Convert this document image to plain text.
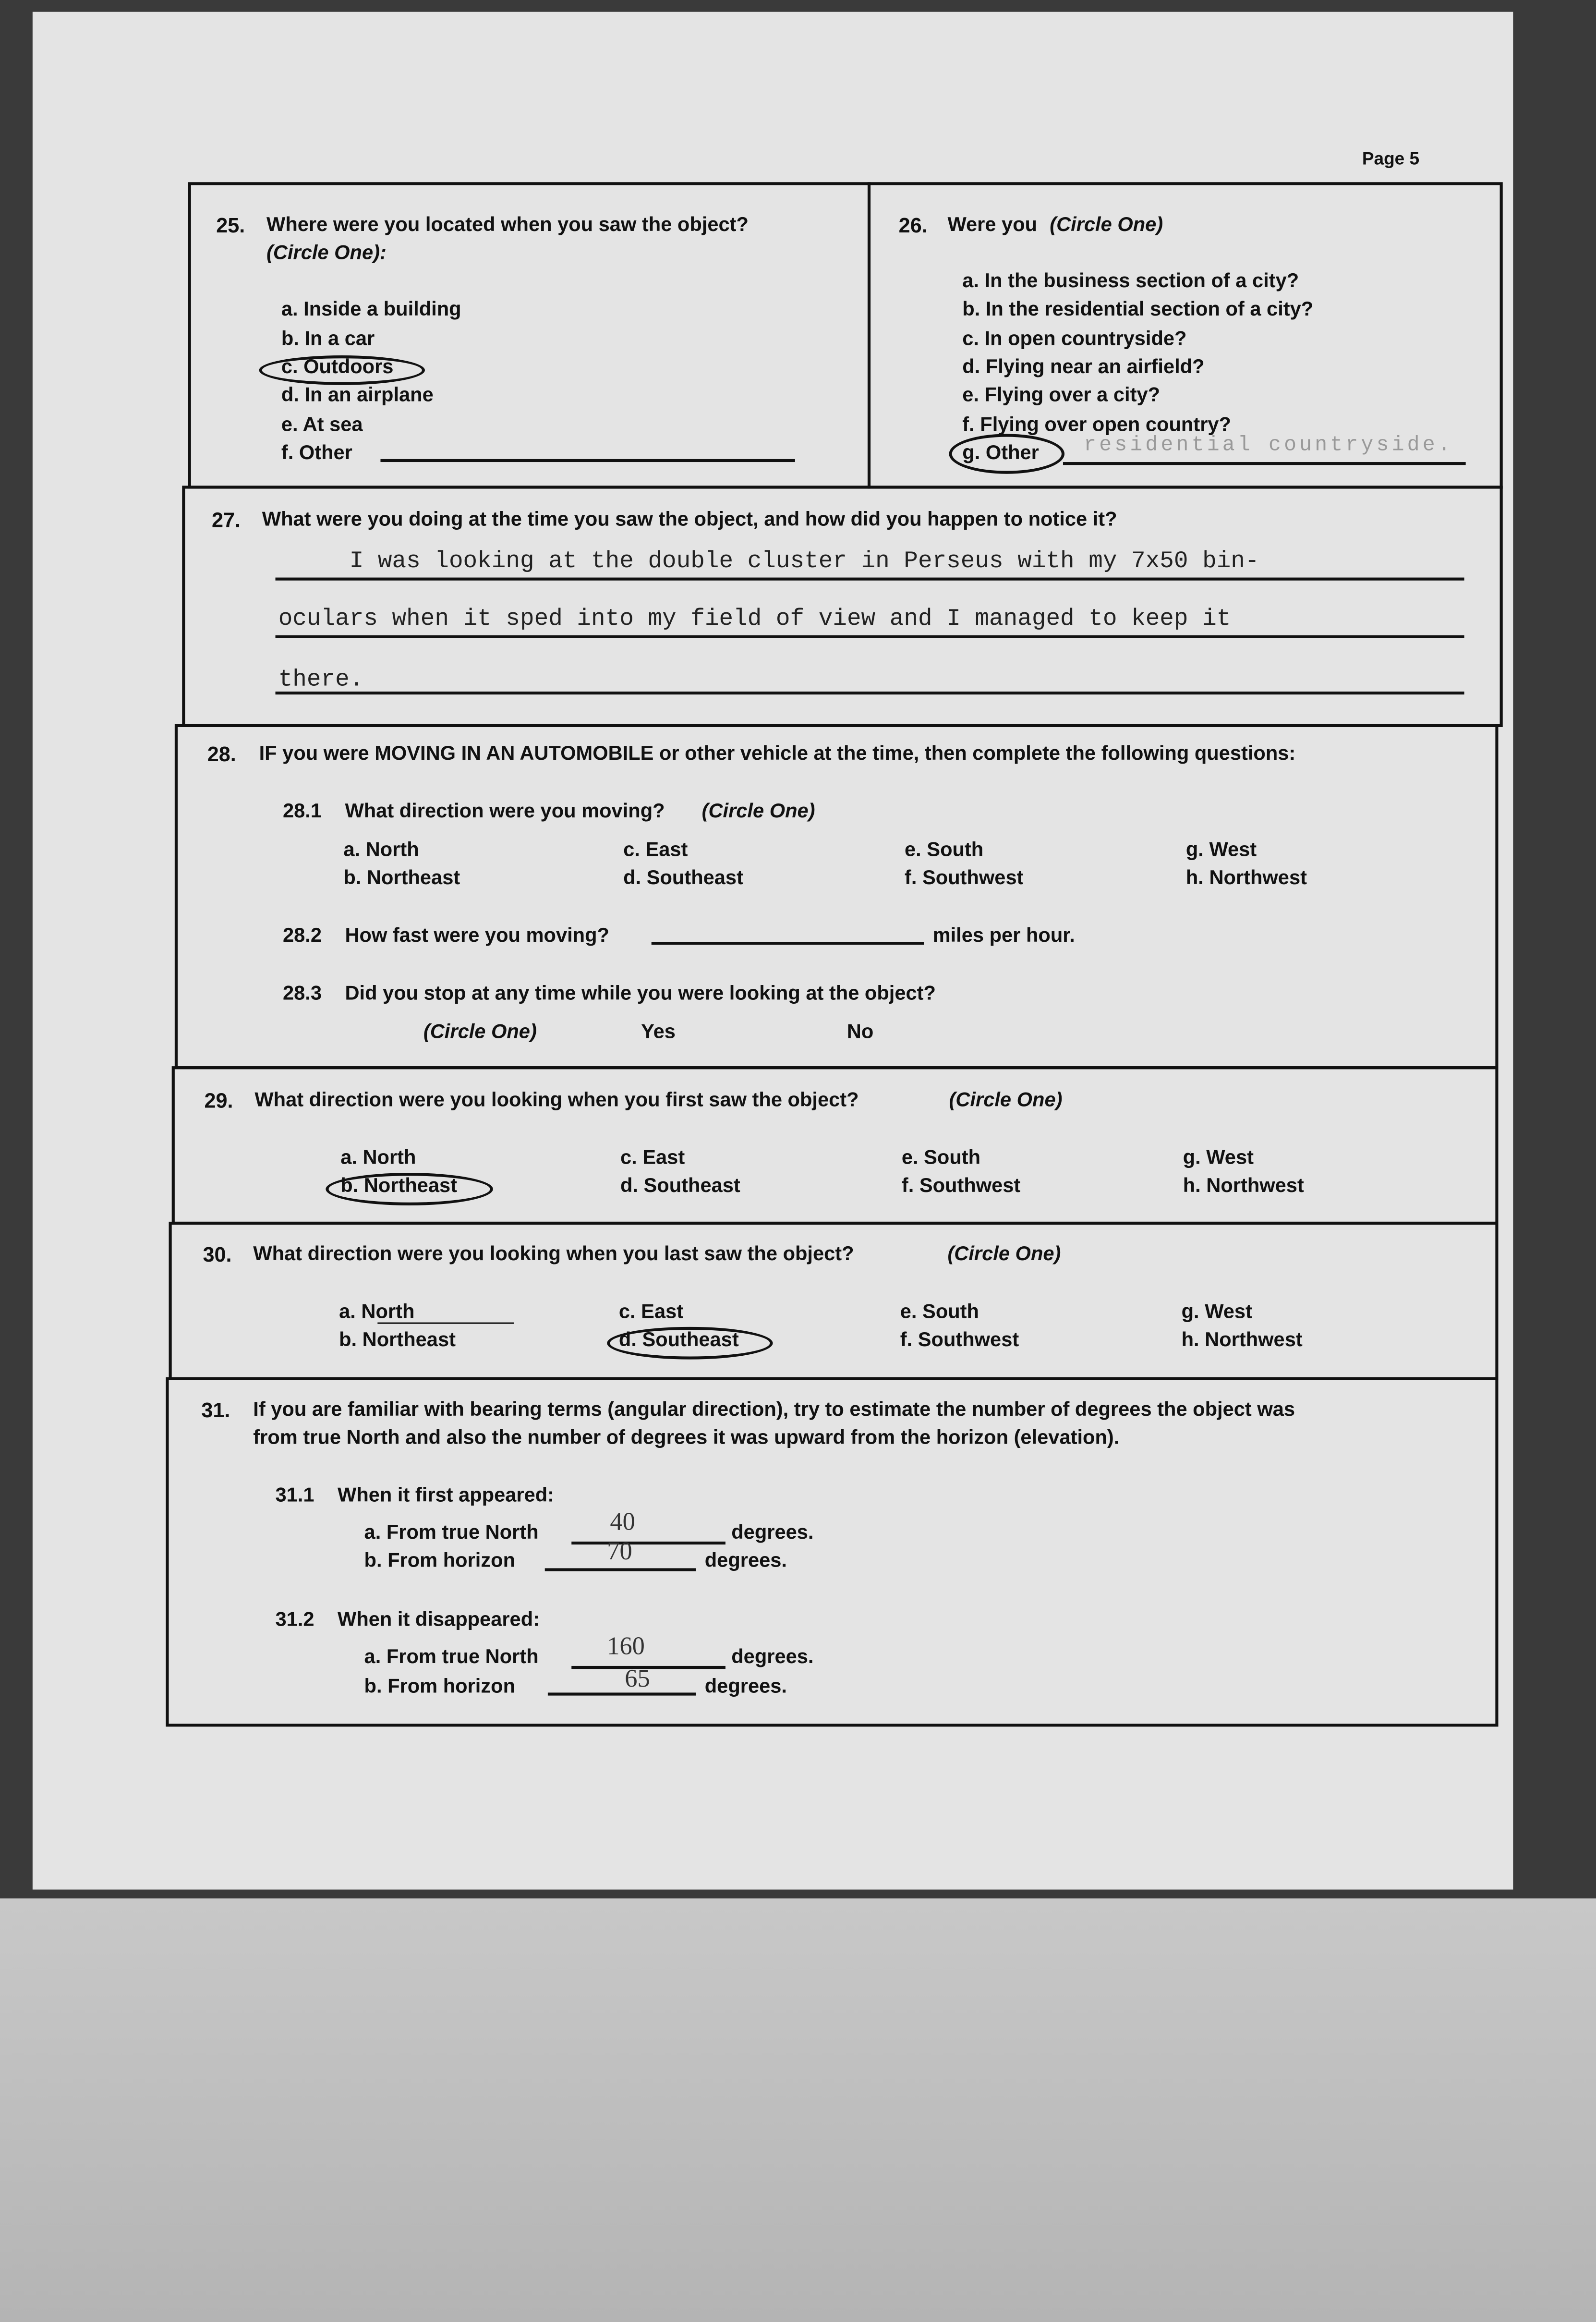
Page 5
25.	Where were you located when you saw the object?
(Circle One):
a. Inside a building
b. In a car
c. Outdoors
d. In an airplane
e. At sea
f. Other
26.	Were you (Circle One)
a. In the business section of a city?
b. In the residential section of a city?
c. In open countryside?
d. Flying near an airfield?
e. Flying over a city?
f. Flying over open country?
g. Other	residential countryside.
27.	What were you doing at the time you saw the object, and how did you happen to notice it?
I was looking at the double cluster in Perseus with my 7x50 bin-
oculars when it sped into my field of view and I managed to keep it
there.
28.	IF you were MOVING IN AN AUTOMOBILE or other vehicle at the time, then complete the following questions:
28.1	What direction were you moving?	(Circle One)
a. North
b. Northeast
c. East
d. Southeast
e. South
f. Southwest
g. West
h. Northwest
28.2	How fast were you moving?	miles per hour.
28.3	Did you stop at any time while you were looking at the object?
(Circle One)	Yes	No
29.	What direction were you looking when you first saw the object?	(Circle One)
a. North
b. Northeast
c. East
d. Southeast
e. South
f. Southwest
g. West
h. Northwest
30.	What direction were you looking when you last saw the object?	(Circle One)
a. North
b. Northeast
c. East
d. Southeast
e. South
f. Southwest
g. West
h. Northwest
31.	If you are familiar with bearing terms (angular direction), try to estimate the number of degrees the object was
from true North and also the number of degrees it was upward from the horizon (elevation).
31.1	When it first appeared:
a. From true North	40	degrees.
b. From horizon	70	degrees.
31.2	When it disappeared:
a. From true North	160	degrees.
b. From horizon	65	degrees.
